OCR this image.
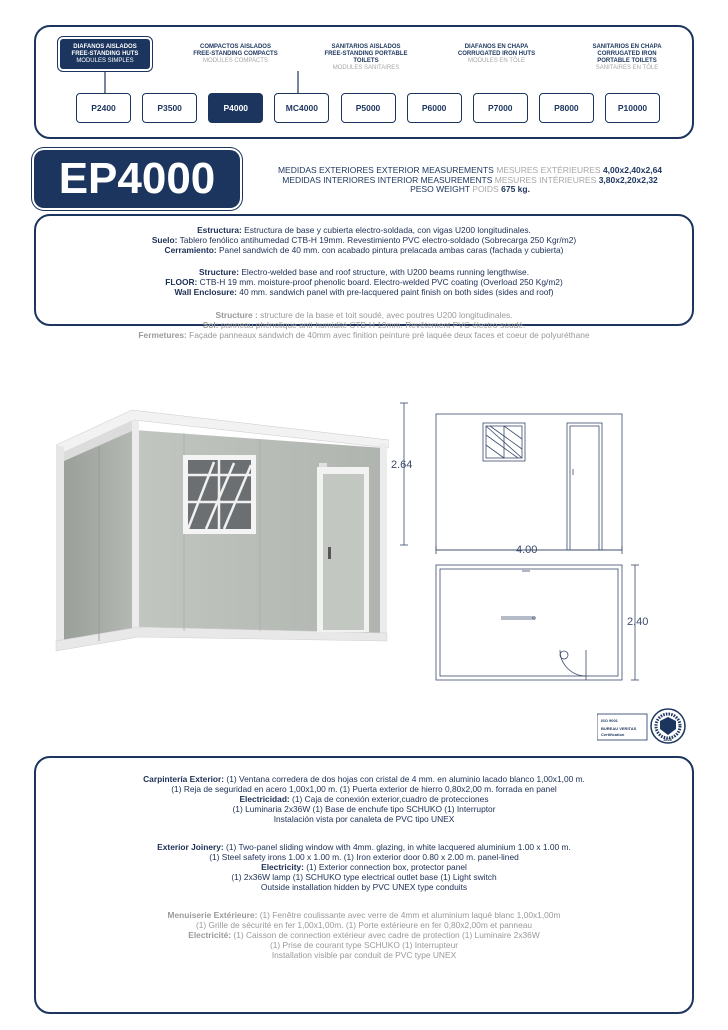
DIAFANOS AISLADOS
FREE-STANDING HUTS
MODULES SIMPLES
COMPACTOS AISLADOS
FREE-STANDING COMPACTS
MODULES COMPACTS
SANITARIOS AISLADOS
FREE-STANDING PORTABLE TOILETS
MODULES SANITAIRES
DIAFANOS EN CHAPA
CORRUGATED IRON HUTS
MODULES EN TÔLE
SANITARIOS EN CHAPA
CORRUGATED IRON PORTABLE TOILETS
SANITAIRES EN TÔLE
P2400	P3500	P4000	MC4000	P5000	P6000	P7000	P8000	P10000
EP4000	MEDIDAS EXTERIORES EXTERIOR MEASUREMENTS MESURES EXTÉRIEURES 4,00x2,40x2,64
MEDIDAS INTERIORES INTERIOR MEASUREMENTS MESURES INTÉRIEURES 3,80x2,20x2,32
PESO WEIGHT POIDS 675 kg.
Estructura: Estructura de base y cubierta electro-soldada, con vigas U200 longitudinales.
Suelo: Tablero fenólico antihumedad CTB-H 19mm. Revestimiento PVC electro-soldado (Sobrecarga 250 Kgr/m2)
Cerramiento: Panel sandwich de 40 mm. con acabado pintura prelacada ambas caras (fachada y cubierta)
Structure: Electro-welded base and roof structure, with U200 beams running lengthwise.
FLOOR: CTB-H 19 mm. moisture-proof phenolic board. Electro-welded PVC coating (Overload 250 Kg/m2)
Wall Enclosure: 40 mm. sandwich panel with pre-lacquered paint finish on both sides (sides and roof)
Structure : structure de la base et toit soudé, avec poutres U200 longitudinales.
Sol: panneau phénolique anti-humidité CTB-H 19mm. Revêtement PVC électro-soudé.
Fermetures: Façade panneaux sandwich de 40mm avec finition peinture pré laquée deux faces et coeur de polyuréthane
2.64
4.00
2.40
ISO 9001
BUREAU VERITAS
Certification
1828
Carpintería Exterior: (1) Ventana corredera de dos hojas con cristal de 4 mm. en aluminio lacado blanco 1,00x1,00 m.
(1) Reja de seguridad en acero 1,00x1,00 m. (1) Puerta exterior de hierro 0,80x2,00 m. forrada en panel
Electricidad: (1) Caja de conexión exterior,cuadro de protecciones
(1) Luminaria 2x36W (1) Base de enchufe tipo SCHUKO (1) Interruptor
Instalación vista por canaleta de PVC tipo UNEX
Exterior Joinery: (1) Two-panel sliding window with 4mm. glazing, in white lacquered aluminium 1.00 x 1.00 m.
(1) Steel safety irons 1.00 x 1.00 m. (1) Iron exterior door 0.80 x 2.00 m. panel-lined
Electricity: (1) Exterior connection box, protector panel
(1) 2x36W lamp (1) SCHUKO type electrical outlet base (1) Light switch
Outside installation hidden by PVC UNEX type conduits
Menuiserie Extérieure: (1) Fenêtre coulissante avec verre de 4mm et aluminium laqué blanc 1,00x1,00m
(1) Grille de sécurité en fer 1,00x1,00m. (1) Porte extérieure en fer 0,80x2,00m et panneau
Electricité: (1) Caisson de connection extérieur avec cadre de protection (1) Luminaire 2x36W
(1) Prise de courant type SCHUKO (1) Interrupteur
Installation visible par conduit de PVC type UNEX
